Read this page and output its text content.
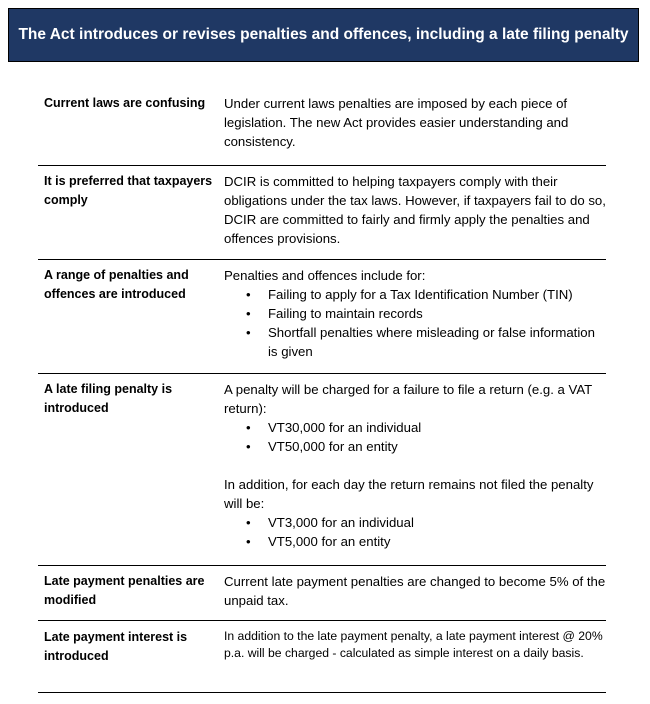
The Act introduces or revises penalties and offences, including a late filing penalty
Current laws are confusing	Under current laws penalties are imposed by each piece of legislation. The new Act provides easier understanding and consistency.

It is preferred that taxpayers comply

DCIR is committed to helping taxpayers comply with their obligations under the tax laws. However, if taxpayers fail to do so, DCIR are committed to fairly and firmly apply the penalties and offences provisions.

A range of penalties and offences are introduced

Penalties and offences include for:

• Failing to apply for a Tax Identification Number (TIN)
• Failing to maintain records
• Shortfall penalties where misleading or false information is given
A late filing penalty is introduced

A penalty will be charged for a failure to file a return (e.g. a VAT return):

• VT30,000 for an individual
• VT50,000 for an entity

In addition, for each day the return remains not filed the penalty will be:

• VT3,000 for an individual
• VT5,000 for an entity
Late payment penalties are modified

Current late payment penalties are changed to become 5% of the unpaid tax.

Late payment interest is introduced

In addition to the late payment penalty, a late payment interest @ 20% p.a. will be charged - calculated as simple interest on a daily basis.
